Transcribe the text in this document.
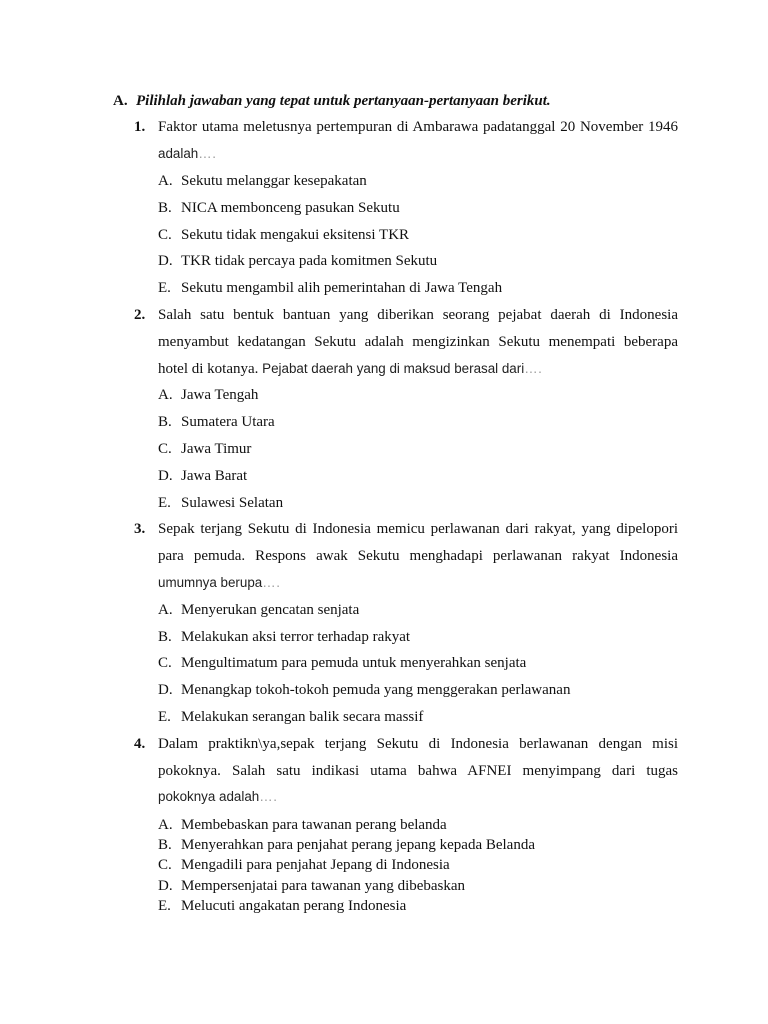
A. Pilihlah jawaban yang tepat untuk pertanyaan-pertanyaan berikut.
1. Faktor utama meletusnya pertempuran di Ambarawa padatanggal 20 November 1946
adalah….
A. Sekutu melanggar kesepakatan
B. NICA membonceng pasukan Sekutu
C. Sekutu tidak mengakui eksitensi TKR
D. TKR tidak percaya pada komitmen Sekutu
E. Sekutu mengambil alih pemerintahan di Jawa Tengah
2. Salah satu bentuk bantuan yang diberikan seorang pejabat daerah di Indonesia
menyambut kedatangan Sekutu adalah mengizinkan Sekutu menempati beberapa
hotel di kotanya. Pejabat daerah yang di maksud berasal dari….
A. Jawa Tengah
B. Sumatera Utara
C. Jawa Timur
D. Jawa Barat
E. Sulawesi Selatan
3. Sepak terjang Sekutu di Indonesia memicu perlawanan dari rakyat, yang dipelopori
para pemuda. Respons awak Sekutu menghadapi perlawanan rakyat Indonesia
umumnya berupa….
A. Menyerukan gencatan senjata
B. Melakukan aksi terror terhadap rakyat
C. Mengultimatum para pemuda untuk menyerahkan senjata
D. Menangkap tokoh-tokoh pemuda yang menggerakan perlawanan
E. Melakukan serangan balik secara massif
4. Dalam praktikn\ya,sepak terjang Sekutu di Indonesia berlawanan dengan misi
pokoknya. Salah satu indikasi utama bahwa AFNEI menyimpang dari tugas
pokoknya adalah….
A. Membebaskan para tawanan perang belanda
B. Menyerahkan para penjahat perang jepang kepada Belanda
C. Mengadili para penjahat Jepang di Indonesia
D. Mempersenjatai para tawanan yang dibebaskan
E. Melucuti angakatan perang Indonesia
